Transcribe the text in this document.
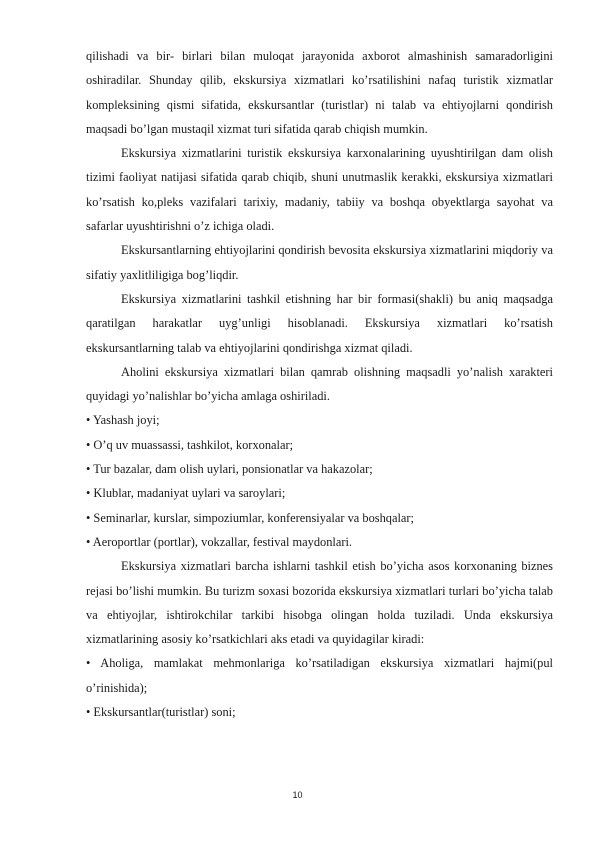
qilishadi va bir- birlari bilan muloqat jarayonida axborot almashinish samaradorligini oshiradilar. Shunday qilib, ekskursiya xizmatlari ko’rsatilishini nafaq turistik xizmatlar kompleksining qismi sifatida, ekskursantlar (turistlar) ni talab va ehtiyojlarni qondirish maqsadi bo’lgan mustaqil xizmat turi sifatida qarab chiqish mumkin.

Ekskursiya xizmatlarini turistik ekskursiya karxonalarining uyushtirilgan dam olish tizimi faoliyat natijasi sifatida qarab chiqib, shuni unutmaslik kerakki, ekskursiya xizmatlari ko’rsatish ko,pleks vazifalari tarixiy, madaniy, tabiiy va boshqa obyektlarga sayohat va safarlar uyushtirishni o’z ichiga oladi.

Ekskursantlarning ehtiyojlarini qondirish bevosita ekskursiya xizmatlarini miqdoriy va sifatiy yaxlitliligiga bog’liqdir.

Ekskursiya xizmatlarini tashkil etishning har bir formasi(shakli) bu aniq maqsadga qaratilgan harakatlar uyg’unligi hisoblanadi. Ekskursiya xizmatlari ko’rsatish ekskursantlarning talab va ehtiyojlarini qondirishga xizmat qiladi.

Aholini ekskursiya xizmatlari bilan qamrab olishning maqsadli yo’nalish xarakteri quyidagi yo’nalishlar bo’yicha amlaga oshiriladi.

• Yashash joyi;

• O’q uv muassassi, tashkilot, korxonalar;

• Tur bazalar, dam olish uylari, ponsionatlar va hakazolar;

• Klublar, madaniyat uylari va saroylari;

• Seminarlar, kurslar, simpoziumlar, konferensiyalar va boshqalar;

• Aeroportlar (portlar), vokzallar, festival maydonlari.

Ekskursiya xizmatlari barcha ishlarni tashkil etish bo’yicha asos korxonaning biznes rejasi bo’lishi mumkin. Bu turizm soxasi bozorida ekskursiya xizmatlari turlari bo’yicha talab va ehtiyojlar, ishtirokchilar tarkibi hisobga olingan holda tuziladi. Unda ekskursiya xizmatlarining asosiy ko’rsatkichlari aks etadi va quyidagilar kiradi:

• Aholiga, mamlakat mehmonlariga ko’rsatiladigan ekskursiya xizmatlari hajmi(pul o’rinishida);

• Ekskursantlar(turistlar) soni;

10
